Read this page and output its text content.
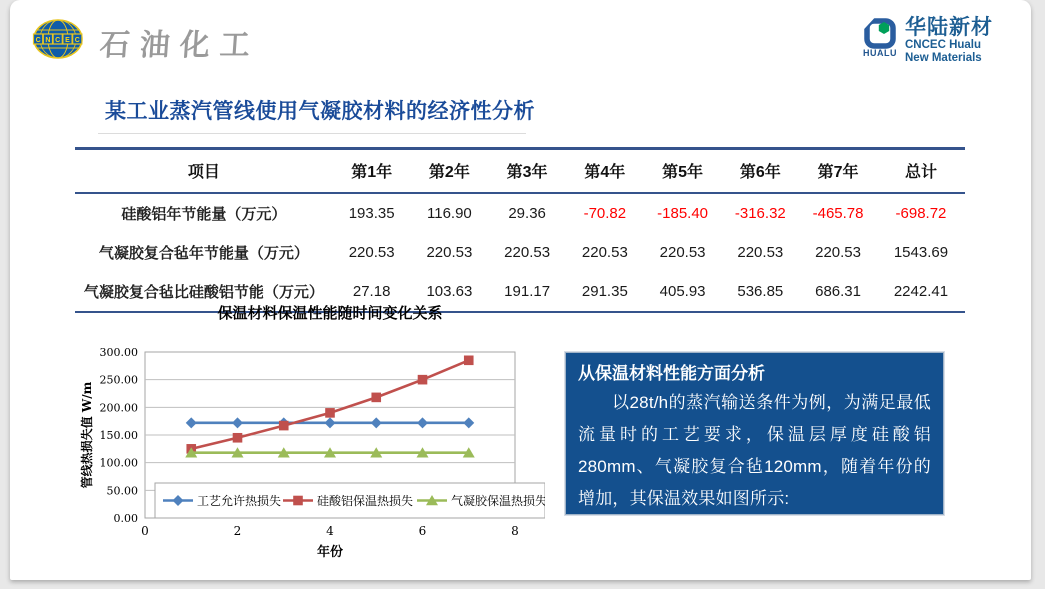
C N C E C 石油化工	HUALU
华陆新材
CNCEC Hualu
New Materials
某工业蒸汽管线使用气凝胶材料的经济性分析
项目	第1年	第2年	第3年	第4年	第5年	第6年	第7年	总计
硅酸铝年节能量（万元）	193.35	116.90	29.36	-70.82	-185.40	-316.32	-465.78	-698.72
气凝胶复合毡年节能量（万元）	220.53	220.53	220.53	220.53	220.53	220.53	220.53	1543.69
气凝胶复合毡比硅酸铝节能（万元）	27.18	103.63	191.17	291.35	405.93	536.85	686.31	2242.41
0.00
50.00
100.00
150.00
200.00
250.00
300.00
0	2	4	6	8
保温材料保温性能随时间变化关系
年份
管线热损失值 W/m
工艺允许热损失	硅酸铝保温热损失	气凝胶保温热损失
从保温材料性能方面分析
以28t/h的蒸汽输送条件为例，为满足最低流量时的工艺要求，保温层厚度硅酸铝280mm、气凝胶复合毡120mm，随着年份的增加，其保温效果如图所示:
